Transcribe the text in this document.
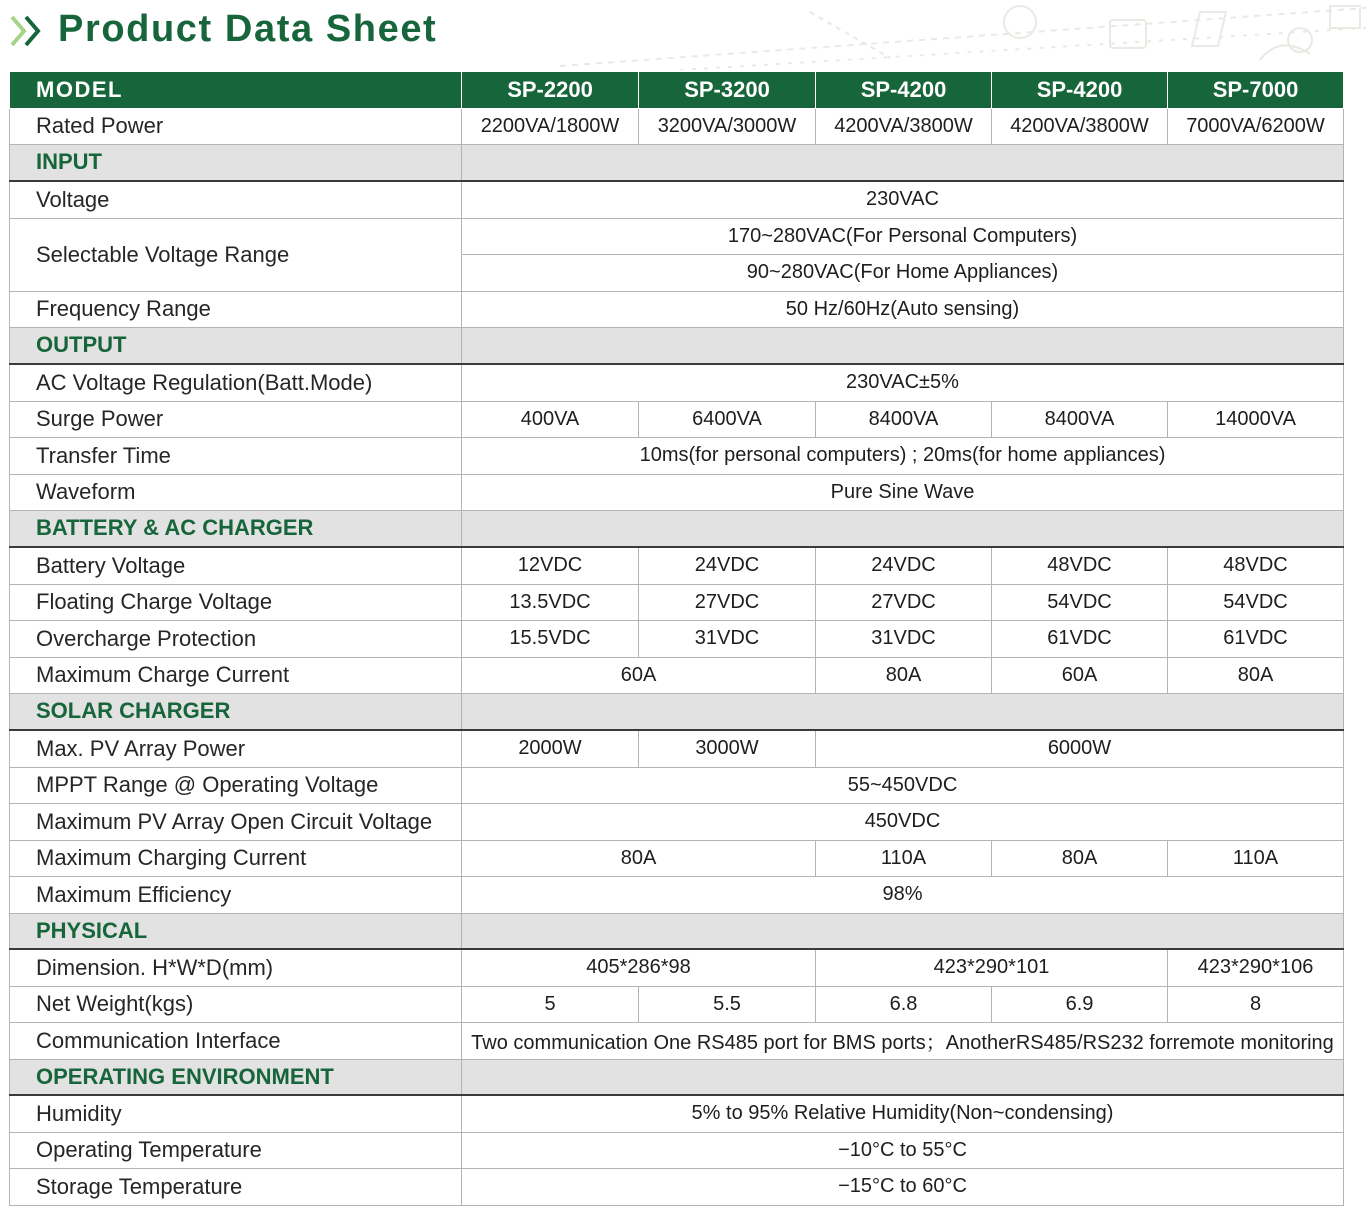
Product Data Sheet
MODEL	SP-2200	SP-3200	SP-4200	SP-4200	SP-7000
Rated Power	2200VA/1800W	3200VA/3000W	4200VA/3800W	4200VA/3800W	7000VA/6200W
INPUT					
Voltage	230VAC				
Selectable Voltage Range	170~280VAC(For Personal Computers)				
	90~280VAC(For Home Appliances)				
Frequency Range	50 Hz/60Hz(Auto sensing)				
OUTPUT					
AC Voltage Regulation(Batt.Mode)	230VAC±5%				
Surge Power	400VA	6400VA	8400VA	8400VA	14000VA
Transfer Time	10ms(for personal computers) ; 20ms(for home appliances)				
Waveform	Pure Sine Wave				
BATTERY & AC CHARGER					
Battery Voltage	12VDC	24VDC	24VDC	48VDC	48VDC
Floating Charge Voltage	13.5VDC	27VDC	27VDC	54VDC	54VDC
Overcharge Protection	15.5VDC	31VDC	31VDC	61VDC	61VDC
Maximum Charge Current	60A		80A	60A	80A
SOLAR CHARGER					
Max. PV Array Power	2000W	3000W	6000W		
MPPT Range @ Operating Voltage	55~450VDC				
Maximum PV Array Open Circuit Voltage	450VDC				
Maximum Charging Current	80A		110A	80A	110A
Maximum Efficiency	98%				
PHYSICAL					
Dimension. H*W*D(mm)	405*286*98		423*290*101		423*290*106
Net Weight(kgs)	5	5.5	6.8	6.9	8
Communication Interface	Two communication One RS485 port for BMS ports；AnotherRS485/RS232 forremote monitoring				
OPERATING ENVIRONMENT					
Humidity	5% to 95% Relative Humidity(Non~condensing)				
Operating Temperature	−10°C to 55°C				
Storage Temperature	−15°C to 60°C				
